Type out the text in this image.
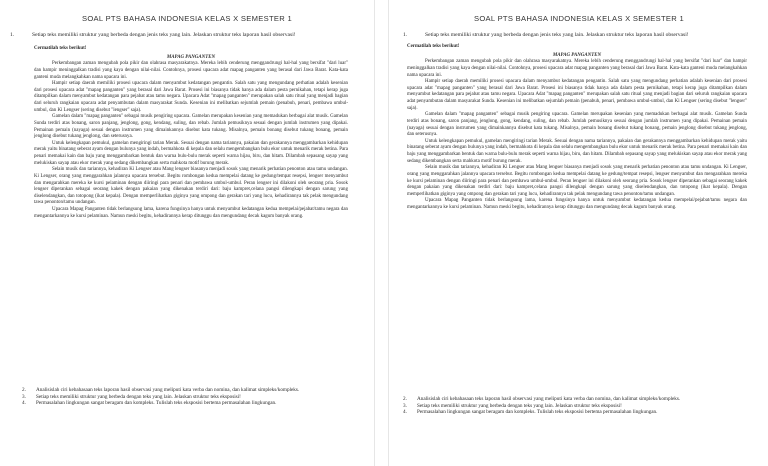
SOAL PTS BAHASA INDONESIA KELAS X SEMESTER 1
1.	Setiap teks memiliki struktur yang berbeda dengan jenis teks yang lain. Jelaskan struktur teks laporan hasil observasi!
Cermatilah teks berikut!
MAPAG PANGANTEN

Perkembangan zaman mengubah pola pikir dan olahrasa masyarakatnya. Mereka lebih cenderung menggandrungi hal-hal yang bersifat "dari luar" dan hampir meninggalkan tradisi yang kaya dengan nilai-nilai. Contohnya, prosesi upacara adat mapag panganten yang berasal dari Jawa Barat. Kata-kata ganteni muda melangkahkan nama upacara ini.

Hampir setiap daerah memiliki prosesi upacara dalam menyambut kedatangan pengantin. Salah satu yang mengundang perhatian adalah kesenian dari prosesi upacara adat "mapag panganten" yang berasal dari Jawa Barat. Prosesi ini biasanya tidak hanya ada dalam pesta pernikahan, tetapi kerap juga ditampilkan dalam menyambut kedatangan para pejabat atau tamu negara. Upacara Adat "mapag panganten" merupakan salah satu ritual yang menjadi bagian dari seluruh rangkaian upacara adat penyambutan dalam masyarakat Sunda. Kesenian ini melibatkan sejumlah pemain (penabuh, penari, pembawa umbul-umbul, dan Ki Lengser (sering disebut "lengser" saja).

Gamelan dalam "mapag panganten" sebagai musik pengiring upacara. Gamelan merupakan kesenian yang memadukan berbagai alat musik. Gamelan Sunda terdiri atas bonang, saron panjang, jenglong, gong, kendang, suling, dan rebab. Jumlah pemusiknya sesuai dengan jumlah instrumen yang dipakai. Pemainan pemain (nayaga) sesuai dengan instrumen yang dimainkannya disebut kata tukang. Misalnya, pemain bonang disebut tukang bonang, pemain jenglong disebut tukang jenglong, dan seterusnya.

Untuk kelengkapan pemukul, gamelan mengiringi tarian Merak. Sesuai dengan nama tariannya, pakaian dan gerakannya menggambarkan kehidupan merak yaitu binatang seberat ayam dengan bulunya yang indah, bermahkota di kepala dan selalu mengembangkan bulu ekor untuk menarik merak betina. Para penari memakai kain dan baju yang menggambarkan bentuk dan warna bulu-bulu merak seperti warna hijau, biru, dan hitam. Dilambah sepasang sayap yang melukiskan sayap atau ekor merak yang sedang dikembangkan serta mahkota motif burung merak.

Selain musik dan tariannya, kehadiran Ki Lengser atau Mang lengser biasanya menjadi sosok yang menarik perhatian penonton atau tamu undangan. Ki Lengser, orang yang menggarahkan jalannya upacara tersebut. Begitu rombongan kedua mempelai datang ke gedung/tempat resepsi, lengser menyambut dan mengarahkan mereka ke kursi pelaminan dengan diiringi para penari dan pembawa umbul-umbul. Peran lengser ini dilakoni oleh seorang pria. Sosok lengser diperankan sebagai seorang kakek dengan pakaian yang dikenakan terdiri dari: baju kampret,celana pangsi dilengkapi dengan sarung yang diselendangkan, dan totopong (ikat kepala). Dengan memperlihatkan giginya yang ompong dan gerakan tari yang lucu, kehadirannya tak pelak mengundang tawa penonton/tamu undangan.

Upacara Mapag Panganten tidak berlangsung lama, karena fungsinya hanya untuk menyambut kedatangan kedua mempelai/pejabat/tamu negara dan mengantarkannya ke kursi pelaminan. Namun meski begitu, kehadirannya kerap ditunggu dan mengundang decak kagum banyak orang.

2.	Analisislah ciri kebahasaan teks laporan hasil observasi yang meliputi kata verba dan nomina, dan kalimat simpleks/kompleks.
3.	Setiap teks memiliki struktur yang berbeda dengan teks yang lain. Jelaskan struktur teks eksposisi!
4.	Permasalahan lingkungan sangat beragam dan kompleks. Tulislah teks eksposisi bertema permasalahan lingkungan.
SOAL PTS BAHASA INDONESIA KELAS X SEMESTER 1
1.	Setiap teks memiliki struktur yang berbeda dengan jenis teks yang lain. Jelaskan struktur teks laporan hasil observasi!
Cermatilah teks berikut!
MAPAG PANGANTEN

Perkembangan zaman mengubah pola pikir dan olahrasa masyarakatnya. Mereka lebih cenderung menggandrungi hal-hal yang bersifat "dari luar" dan hampir meninggalkan tradisi yang kaya dengan nilai-nilai. Contohnya, prosesi upacara adat mapag panganten yang berasal dari Jawa Barat. Kata-kata ganteni muda melangkahkan nama upacara ini.

Hampir setiap daerah memiliki prosesi upacara dalam menyambut kedatangan pengantin. Salah satu yang mengundang perhatian adalah kesenian dari prosesi upacara adat "mapag panganten" yang berasal dari Jawa Barat. Prosesi ini biasanya tidak hanya ada dalam pesta pernikahan, tetapi kerap juga ditampilkan dalam menyambut kedatangan para pejabat atau tamu negara. Upacara Adat "mapag panganten" merupakan salah satu ritual yang menjadi bagian dari seluruh rangkaian upacara adat penyambutan dalam masyarakat Sunda. Kesenian ini melibatkan sejumlah pemain (penabuh, penari, pembawa umbul-umbul, dan Ki Lengser (sering disebut "lengser" saja).

Gamelan dalam "mapag panganten" sebagai musik pengiring upacara. Gamelan merupakan kesenian yang memadukan berbagai alat musik. Gamelan Sunda terdiri atas bonang, saron panjang, jenglong, gong, kendang, suling, dan rebab. Jumlah pemusiknya sesuai dengan jumlah instrumen yang dipakai. Pemainan pemain (nayaga) sesuai dengan instrumen yang dimainkannya disebut kata tukang. Misalnya, pemain bonang disebut tukang bonang, pemain jenglong disebut tukang jenglong, dan seterusnya.

Untuk kelengkapan pemukul, gamelan mengiringi tarian Merak. Sesuai dengan nama tariannya, pakaian dan gerakannya menggambarkan kehidupan merak yaitu binatang seberat ayam dengan bulunya yang indah, bermahkota di kepala dan selalu mengembangkan bulu ekor untuk menarik merak betina. Para penari memakai kain dan baju yang menggambarkan bentuk dan warna bulu-bulu merak seperti warna hijau, biru, dan hitam. Dilambah sepasang sayap yang melukiskan sayap atau ekor merak yang sedang dikembangkan serta mahkota motif burung merak.

Selain musik dan tariannya, kehadiran Ki Lengser atau Mang lengser biasanya menjadi sosok yang menarik perhatian penonton atau tamu undangan. Ki Lengser, orang yang menggarahkan jalannya upacara tersebut. Begitu rombongan kedua mempelai datang ke gedung/tempat resepsi, lengser menyambut dan mengarahkan mereka ke kursi pelaminan dengan diiringi para penari dan pembawa umbul-umbul. Peran lengser ini dilakoni oleh seorang pria. Sosok lengser diperankan sebagai seorang kakek dengan pakaian yang dikenakan terdiri dari: baju kampret,celana pangsi dilengkapi dengan sarung yang diselendangkan, dan totopong (ikat kepala). Dengan memperlihatkan giginya yang ompong dan gerakan tari yang lucu, kehadirannya tak pelak mengundang tawa penonton/tamu undangan.

Upacara Mapag Panganten tidak berlangsung lama, karena fungsinya hanya untuk menyambut kedatangan kedua mempelai/pejabat/tamu negara dan mengantarkannya ke kursi pelaminan. Namun meski begitu, kehadirannya kerap ditunggu dan mengundang decak kagum banyak orang.

2.	Analisislah ciri kebahasaan teks laporan hasil observasi yang meliputi kata verba dan nomina, dan kalimat simpleks/kompleks.
3.	Setiap teks memiliki struktur yang berbeda dengan teks yang lain. Jelaskan struktur teks eksposisi!
4.	Permasalahan lingkungan sangat beragam dan kompleks. Tulislah teks eksposisi bertema permasalahan lingkungan.
